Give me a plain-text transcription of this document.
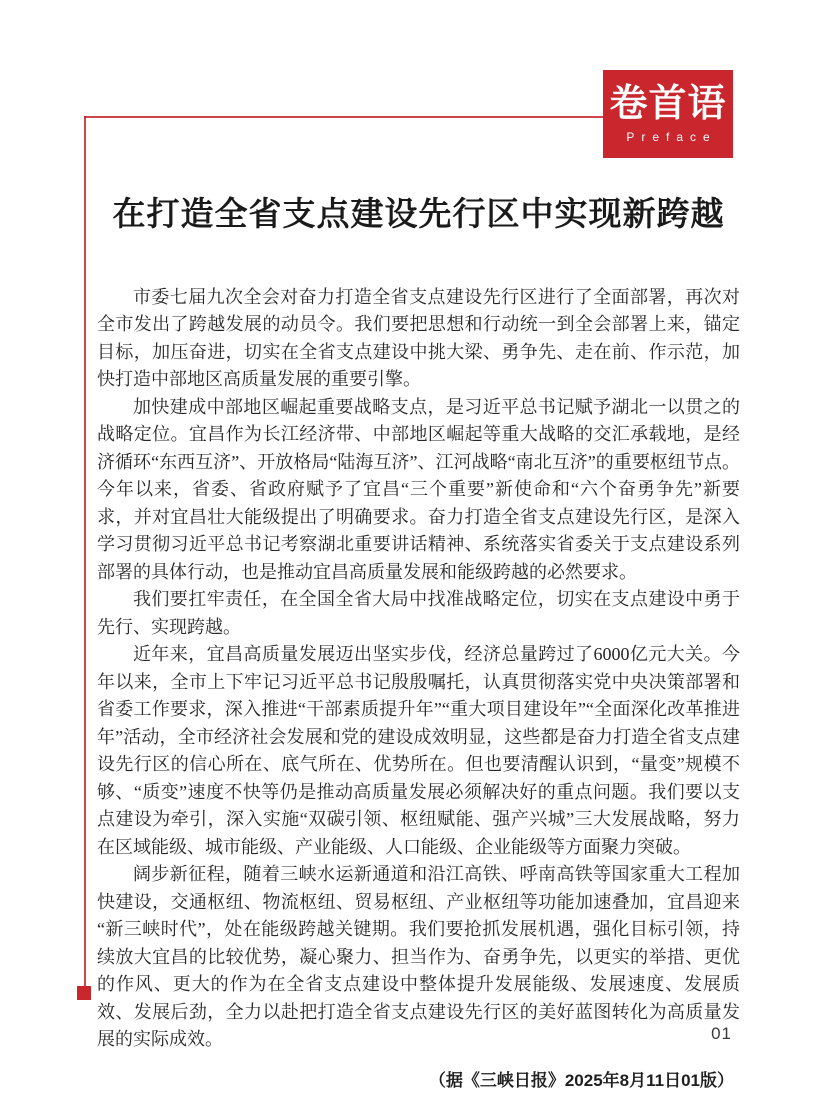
卷首语
Preface
在打造全省支点建设先行区中实现新跨越

市委七届九次全会对奋力打造全省支点建设先行区进行了全面部署，再次对全市发出了跨越发展的动员令。我们要把思想和行动统一到全会部署上来，锚定目标，加压奋进，切实在全省支点建设中挑大梁、勇争先、走在前、作示范，加快打造中部地区高质量发展的重要引擎。

加快建成中部地区崛起重要战略支点，是习近平总书记赋予湖北一以贯之的战略定位。宜昌作为长江经济带、中部地区崛起等重大战略的交汇承载地，是经济循环“东西互济”、开放格局“陆海互济”、江河战略“南北互济”的重要枢纽节点。今年以来，省委、省政府赋予了宜昌“三个重要”新使命和“六个奋勇争先”新要求，并对宜昌壮大能级提出了明确要求。奋力打造全省支点建设先行区，是深入学习贯彻习近平总书记考察湖北重要讲话精神、系统落实省委关于支点建设系列部署的具体行动，也是推动宜昌高质量发展和能级跨越的必然要求。

我们要扛牢责任，在全国全省大局中找准战略定位，切实在支点建设中勇于先行、实现跨越。

近年来，宜昌高质量发展迈出坚实步伐，经济总量跨过了6000亿元大关。今年以来，全市上下牢记习近平总书记殷殷嘱托，认真贯彻落实党中央决策部署和省委工作要求，深入推进“干部素质提升年”“重大项目建设年”“全面深化改革推进年”活动，全市经济社会发展和党的建设成效明显，这些都是奋力打造全省支点建设先行区的信心所在、底气所在、优势所在。但也要清醒认识到，“量变”规模不够、“质变”速度不快等仍是推动高质量发展必须解决好的重点问题。我们要以支点建设为牵引，深入实施“双碳引领、枢纽赋能、强产兴城”三大发展战略，努力在区域能级、城市能级、产业能级、人口能级、企业能级等方面聚力突破。

阔步新征程，随着三峡水运新通道和沿江高铁、呼南高铁等国家重大工程加快建设，交通枢纽、物流枢纽、贸易枢纽、产业枢纽等功能加速叠加，宜昌迎来“新三峡时代”，处在能级跨越关键期。我们要抢抓发展机遇，强化目标引领，持续放大宜昌的比较优势，凝心聚力、担当作为、奋勇争先，以更实的举措、更优的作风、更大的作为在全省支点建设中整体提升发展能级、发展速度、发展质效、发展后劲，全力以赴把打造全省支点建设先行区的美好蓝图转化为高质量发展的实际成效。

（据《三峡日报》2025年8月11日01版）
01
